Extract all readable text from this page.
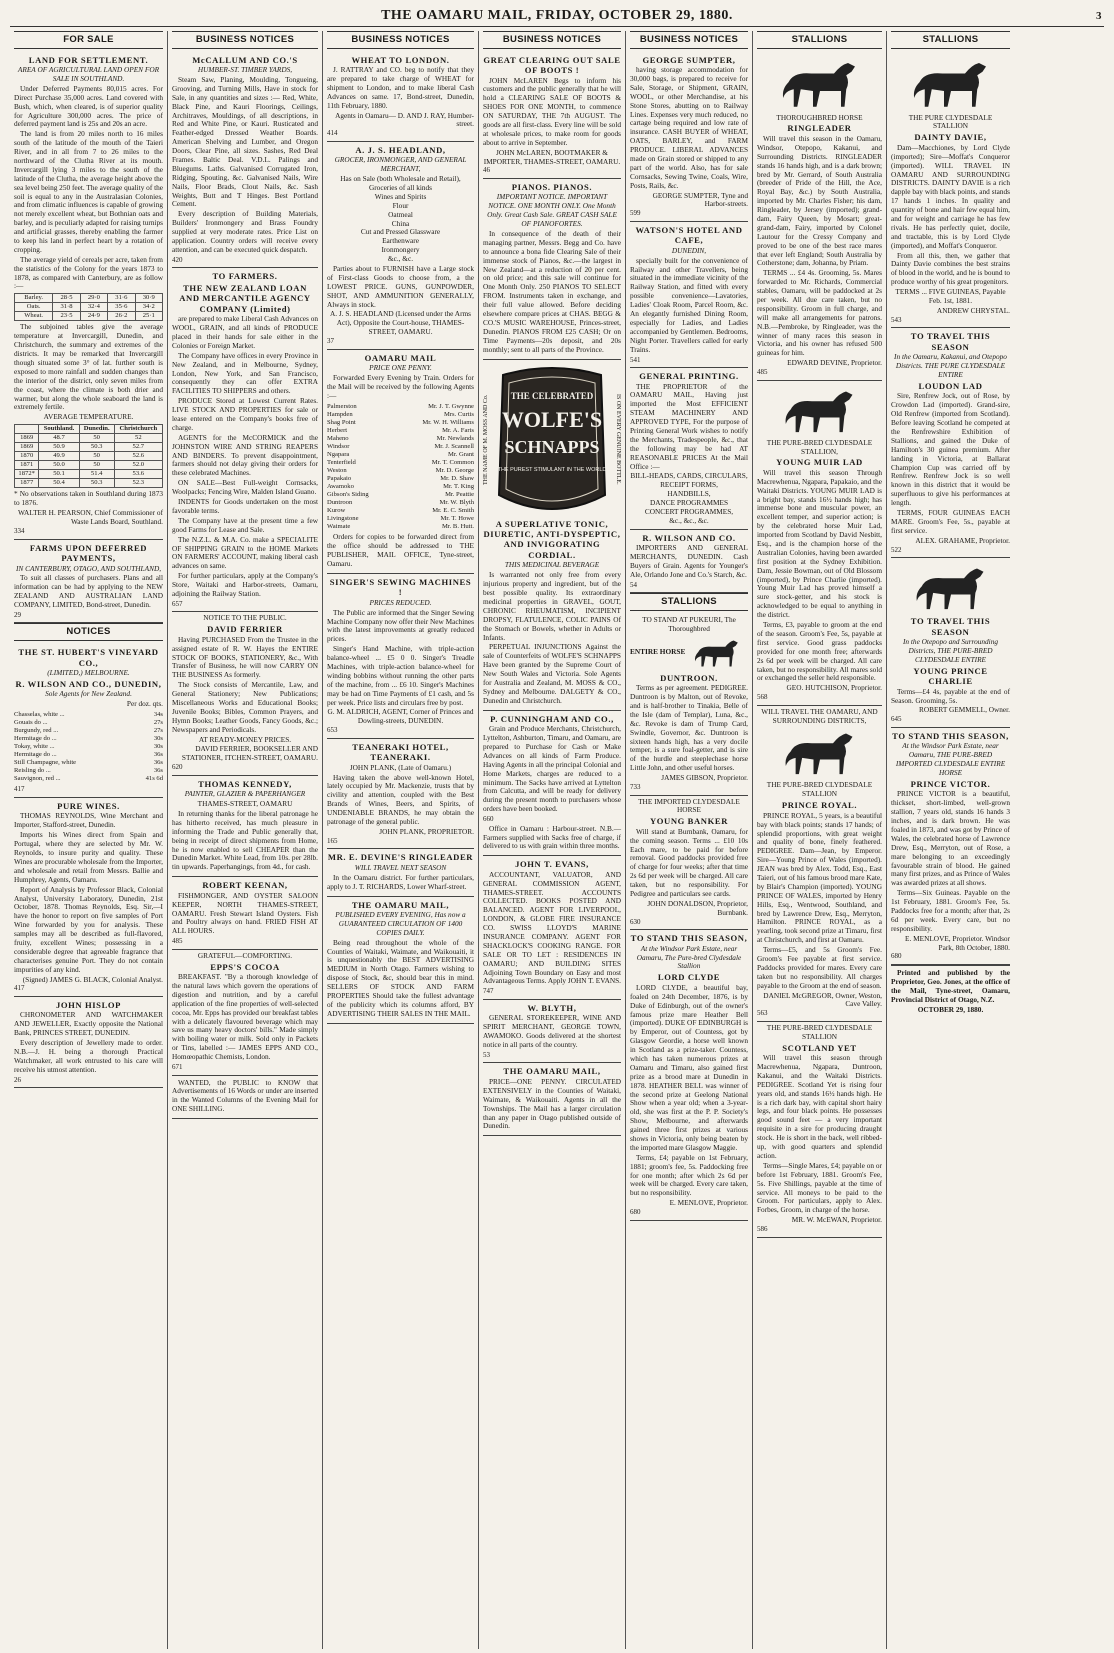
THE OAMARU MAIL, FRIDAY, OCTOBER 29, 1880.	3
FOR SALE
LAND FOR SETTLEMENT.
AREA OF AGRICULTURAL LAND OPEN FOR SALE IN SOUTHLAND.

Under Deferred Payments 80,015 acres. For Direct Purchase 35,000 acres. Land covered with Bush, which, when cleared, is of superior quality for Agriculture 300,000 acres. The price of deferred payment land is 25s and 20s an acre.

The land is from 20 miles north to 16 miles south of the latitude of the mouth of the Taieri River, and in all from 7 to 26 miles to the northward of the Clutha River at its mouth. Invercargill lying 3 miles to the south of the latitude of the Clutha, the average height above the sea level being 250 feet. The average quality of the soil is equal to any in the Australasian Colonies, and from climatic influences is capable of growing not merely excellent wheat, but Bothnian oats and barley, and is peculiarly adapted for raising turnips and artificial grasses, thereby enabling the farmer to keep his land in perfect heart by a rotation of cropping.

The average yield of cereals per acre, taken from the statistics of the Colony for the years 1873 to 1878, as compared with Canterbury, are as follow :—

Barley.	28·5	29·0	31·6	30·9
Oats.	31·8	32·4	35·6	34·2
Wheat.	23·5	24·9	26·2	25·1

The subjoined tables give the average temperature at Invercargill, Dunedin, and Christchurch, the summary and extremes of the districts. It may be remarked that Invercargill though situated some 3° of lat. further south is exposed to more rainfall and sudden changes than the interior of the district, only seven miles from the coast, where the climate is both drier and warmer, but along the whole seaboard the land is extremely fertile.

AVERAGE TEMPERATURE.
	Southland.	Dunedin.	Christchurch
1869	48.7	50	52
1869	50.9	50.3	52.7
1870	49.9	50	52.6
1871	50.0	50	52.0
1872*	50.1	51.4	53.6
1877	50.4	50.3	52.3
* No observations taken in Southland during 1873 to 1876.
WALTER H. PEARSON, Chief Commissioner of Waste Lands Board, Southland.
334
FARMS UPON DEFERRED PAYMENTS,
IN CANTERBURY, OTAGO, AND SOUTHLAND,

To suit all classes of purchasers. Plans and all information can be had by applying to the NEW ZEALAND AND AUSTRALIAN LAND COMPANY, LIMITED, Bond-street, Dunedin.

29
NOTICES
THE ST. HUBERT'S VINEYARD CO.,
(LIMITED,) MELBOURNE.
R. WILSON AND CO., DUNEDIN,
Sole Agents for New Zealand.
Per doz. qts.
Chasselas, white ...	34s
Gouais do ...	27s
Burgundy, red ...	27s
Hermitage do ...	30s
Tokay, white ...	30s
Hermitage do ...	36s
Still Champagne, white	36s
Reisling do ...	36s
Sauvignon, red ...	41s 6d
417
PURE WINES.

THOMAS REYNOLDS, Wine Merchant and Importer, Stafford-street, Dunedin.

Imports his Wines direct from Spain and Portugal, where they are selected by Mr. W. Reynolds, to insure purity and quality. These Wines are procurable wholesale from the Importer, and wholesale and retail from Messrs. Ballie and Humphrey, Agents, Oamaru.

Report of Analysis by Professor Black, Colonial Analyst, University Laboratory, Dunedin, 21st October, 1878. Thomas Reynolds, Esq. Sir,—I have the honor to report on five samples of Port Wine forwarded by you for analysis. These samples may all be described as full-flavored, fruity, excellent Wines; possessing in a considerable degree that agreeable fragrance that characterises genuine Port. They do not contain impurities of any kind.

(Signed) JAMES G. BLACK, Colonial Analyst.
417
JOHN HISLOP

CHRONOMETER AND WATCHMAKER AND JEWELLER, Exactly opposite the National Bank, PRINCES STREET, DUNEDIN.

Every description of Jewellery made to order. N.B.—J. H. being a thorough Practical Watchmaker, all work entrusted to his care will receive his utmost attention.

26
BUSINESS NOTICES
McCALLUM AND CO.'S
HUMBER-ST. TIMBER YARDS,

Steam Saw, Planing, Moulding, Tongueing, Grooving, and Turning Mills, Have in stock for Sale, in any quantities and sizes :— Red, White, Black Pine, and Kauri Floorings, Ceilings, Architraves, Mouldings, of all descriptions, in Red and White Pine, or Kauri. Rusticated and Feather-edged Dressed Weather Boards. American Shelving and Lumber, and Oregon Doors, Clear Pine, all sizes. Sashes, Red Deal Frames. Baltic Deal. V.D.L. Palings and Bluegums. Laths. Galvanised Corrugated Iron, Ridging, Spouting, &c. Galvanised Nails, Wire Nails, Floor Brads, Clout Nails, &c. Sash Weights, Butt and T Hinges. Best Portland Cement.

Every description of Building Materials, Builders' Ironmongery and Brass Foundry supplied at very moderate rates. Price List on application. Country orders will receive every attention, and can be executed quick despatch.

420
TO FARMERS.
THE NEW ZEALAND LOAN AND MERCANTILE AGENCY COMPANY (Limited)

are prepared to make Liberal Cash Advances on WOOL, GRAIN, and all kinds of PRODUCE placed in their hands for sale either in the Colonies or Foreign Market.

The Company have offices in every Province in New Zealand, and in Melbourne, Sydney, London, New York, and San Francisco, consequently they can offer EXTRA FACILITIES TO SHIPPERS and others.

PRODUCE Stored at Lowest Current Rates. LIVE STOCK AND PROPERTIES for sale or lease entered on the Company's books free of charge.

AGENTS for the McCORMICK and the JOHNSTON WIRE AND STRING REAPERS AND BINDERS. To prevent disappointment, farmers should not delay giving their orders for these celebrated Machines.

ON SALE—Best Full-weight Cornsacks, Woolpacks; Fencing Wire, Malden Island Guano.

INDENTS for Goods undertaken on the most favorable terms.

The Company have at the present time a few good Farms for Lease and Sale.

The N.Z.L. & M.A. Co. make a SPECIALITE OF SHIPPING GRAIN to the HOME Markets ON FARMERS' ACCOUNT, making liberal cash advances on same.

For further particulars, apply at the Company's Store, Waitaki and Harbor-streets, Oamaru, adjoining the Railway Station.

657
NOTICE TO THE PUBLIC.
DAVID FERRIER

Having PURCHASED From the Trustee in the assigned estate of R. W. Hayes the ENTIRE STOCK OF BOOKS, STATIONERY, &c., With Transfer of Business, he will now CARRY ON THE BUSINESS As formerly.

The Stock consists of Mercantile, Law, and General Stationery; New Publications; Miscellaneous Works and Educational Books; Juvenile Books; Bibles, Common Prayers, and Hymn Books; Leather Goods, Fancy Goods, &c.; Newspapers and Periodicals.

AT READY-MONEY PRICES.
DAVID FERRIER, BOOKSELLER AND STATIONER, ITCHEN-STREET, OAMARU.
620
THOMAS KENNEDY,
PAINTER, GLAZIER & PAPERHANGER
THAMES-STREET, OAMARU

In returning thanks for the liberal patronage he has hitherto received, has much pleasure in informing the Trade and Public generally that, being in receipt of direct shipments from Home, he is now enabled to sell CHEAPER than the Dunedin Market. White Lead, from 10s. per 28lb. tin upwards. Paperhangings, from 4d., for cash.

ROBERT KEENAN,

FISHMONGER, AND OYSTER SALOON KEEPER, NORTH THAMES-STREET, OAMARU. Fresh Stewart Island Oysters. Fish and Poultry always on hand. FRIED FISH AT ALL HOURS.

485
GRATEFUL—COMFORTING.
EPPS'S COCOA

BREAKFAST. "By a thorough knowledge of the natural laws which govern the operations of digestion and nutrition, and by a careful application of the fine properties of well-selected cocoa, Mr. Epps has provided our breakfast tables with a delicately flavoured beverage which may save us many heavy doctors' bills." Made simply with boiling water or milk. Sold only in Packets or Tins, labelled :— JAMES EPPS AND CO., Homœopathic Chemists, London.

671

WANTED, the PUBLIC to KNOW that Advertisements of 16 Words or under are inserted in the Wanted Columns of the Evening Mail for ONE SHILLING.

BUSINESS NOTICES
WHEAT TO LONDON.

J. RATTRAY and CO. beg to notify that they are prepared to take charge of WHEAT for shipment to London, and to make liberal Cash Advances on same. 17, Bond-street, Dunedin, 11th February, 1880.

Agents in Oamaru— D. AND J. RAY, Humber-street.
414
A. J. S. HEADLAND,
GROCER, IRONMONGER, AND GENERAL MERCHANT,
Has on Sale (both Wholesale and Retail), Groceries of all kinds
Wines and Spirits
Flour
Oatmeal
China
Cut and Pressed Glassware
Earthenware
Ironmongery
&c., &c.

Parties about to FURNISH have a Large stock of First-class Goods to choose from, a the LOWEST PRICE. GUNS, GUNPOWDER, SHOT, AND AMMUNITION GENERALLY, Always in stock.

A. J. S. HEADLAND (Licensed under the Arms Act), Opposite the Court-house, THAMES-STREET, OAMARU.
37
OAMARU MAIL
PRICE ONE PENNY.

Forwarded Every Evening by Train. Orders for the Mail will be received by the following Agents :—

Palmerston	Mr. J. T. Gwynne
Hampden	Mrs. Curtis
Shag Point	Mr. W. H. Williams
Herbert	Mr. A. Faris
Maheno	Mr. Newlands
Windsor	Mr. J. Scannell
Ngapara	Mr. Grant
Tenterfield	Mr. T. Common
Weston	Mr. D. George
Papakaio	Mr. D. Shaw
Awamoko	Mr. T. King
Gibson's Siding	Mr. Peattie
Duntroon	Mr. W. Blyth
Kurow	Mr. E. C. Smith
Livingstone	Mr. T. Howe
Waimate	Mr. B. Hutt.

Orders for copies to be forwarded direct from the office should be addressed to THE PUBLISHER, MAIL OFFICE, Tyne-street, Oamaru.

SINGER'S SEWING MACHINES !
PRICES REDUCED.

The Public are informed that the Singer Sewing Machine Company now offer their New Machines with the latest improvements at greatly reduced prices.

Singer's Hand Machine, with triple-action balance-wheel ... £5 0 0. Singer's Treadle Machines, with triple-action balance-wheel for winding bobbins without running the other parts of the machine, from ... £6 10. Singer's Machines may be had on Time Payments of £1 cash, and 5s per week. Price lists and circulars free by post.

G. M. ALDRICH, AGENT, Corner of Princes and Dowling-streets, DUNEDIN.
653
TEANERAKI HOTEL, TEANERAKI.
JOHN PLANK, (Late of Oamaru.)

Having taken the above well-known Hotel, lately occupied by Mr. Mackenzie, trusts that by civility and attention, coupled with the Best Brands of Wines, Beers, and Spirits, of UNDENIABLE BRANDS, he may obtain the patronage of the general public.

JOHN PLANK, PROPRIETOR.
165
MR. E. DEVINE'S RINGLEADER
WILL TRAVEL NEXT SEASON

In the Oamaru district. For further particulars, apply to J. T. RICHARDS, Lower Wharf-street.

THE OAMARU MAIL,
PUBLISHED EVERY EVENING, Has now a GUARANTEED CIRCULATION OF 1400 COPIES DAILY.

Being read throughout the whole of the Counties of Waitaki, Waimate, and Waikouaiti, it is unquestionably the BEST ADVERTISING MEDIUM in North Otago. Farmers wishing to dispose of Stock, &c, should bear this in mind. SELLERS OF STOCK AND FARM PROPERTIES Should take the fullest advantage of the publicity which its columns afford, BY ADVERTISING THEIR SALES IN THE MAIL.

BUSINESS NOTICES
GREAT CLEARING OUT SALE OF BOOTS !

JOHN McLAREN Begs to inform his customers and the public generally that he will hold a CLEARING SALE OF BOOTS & SHOES FOR ONE MONTH, to commence ON SATURDAY, THE 7th AUGUST. The goods are all first-class. Every line will be sold at wholesale prices, to make room for goods about to arrive in September.

JOHN McLAREN, BOOTMAKER & IMPORTER, THAMES-STREET, OAMARU.
46
PIANOS. PIANOS.
IMPORTANT NOTICE. IMPORTANT NOTICE. ONE MONTH ONLY. One Month Only. Great Cash Sale. GREAT CASH SALE OF PIANOFORTES.

In consequence of the death of their managing partner, Messrs. Begg and Co. have to announce a bona fide Clearing Sale of their immense stock of Pianos, &c.—the largest in New Zealand—at a reduction of 20 per cent. on old price; and this sale will continue for One Month Only. 250 PIANOS TO SELECT FROM. Instruments taken in exchange, and their full value allowed. Before deciding elsewhere compare prices at CHAS. BEGG & CO.'S MUSIC WAREHOUSE, Princes-street, Dunedin. PIANOS FROM £25 CASH; Or on Time Payments—20s deposit, and 20s monthly; sent to all parts of the Province.

THE NAME OF M. MOSS AND Co. THE CELEBRATED
WOLFE'S
SCHNAPPS
THE PUREST STIMULANT IN THE WORLD IS ON EVERY GENUINE BOTTLE.
A SUPERLATIVE TONIC, DIURETIC, ANTI-DYSPEPTIC, AND INVIGORATING CORDIAL.
THIS MEDICINAL BEVERAGE

Is warranted not only free from every injurious property and ingredient, but of the best possible quality. Its extraordinary medicinal properties in GRAVEL, GOUT, CHRONIC RHEUMATISM, INCIPIENT DROPSY, FLATULENCE, COLIC PAINS Of the Stomach or Bowels, whether in Adults or Infants.

PERPETUAL INJUNCTIONS Against the sale of Counterfeits of WOLFE'S SCHNAPPS Have been granted by the Supreme Court of New South Wales and Victoria. Sole Agents for Australia and Zealand, M. MOSS & CO., Sydney and Melbourne. DALGETY & CO., Dunedin and Christchurch.

P. CUNNINGHAM AND CO.,

Grain and Produce Merchants, Christchurch, Lyttelton, Ashburton, Timaru, and Oamaru, are prepared to Purchase for Cash or Make Advances on all kinds of Farm Produce. Having Agents in all the principal Colonial and Home Markets, charges are reduced to a minimum. The Sacks have arrived at Lyttelton from Calcutta, and will be ready for delivery during the present month to purchasers whose orders have been booked.

660

Office in Oamaru : Harbour-street. N.B.—Farmers supplied with Sacks free of charge, if delivered to us with grain within three months.

JOHN T. EVANS,

ACCOUNTANT, VALUATOR, AND GENERAL COMMISSION AGENT, THAMES-STREET. ACCOUNTS COLLECTED. BOOKS POSTED AND BALANCED. AGENT FOR LIVERPOOL, LONDON, & GLOBE FIRE INSURANCE CO. SWISS LLOYD'S MARINE INSURANCE COMPANY. AGENT FOR SHACKLOCK'S COOKING RANGE. FOR SALE OR TO LET : RESIDENCES IN OAMARU; AND BUILDING SITES Adjoining Town Boundary on Easy and most Advantageous Terms. Apply JOHN T. EVANS.

747
W. BLYTH,

GENERAL STOREKEEPER, WINE AND SPIRIT MERCHANT, GEORGE TOWN, AWAMOKO. Goods delivered at the shortest notice in all parts of the country.

53
THE OAMARU MAIL,

PRICE—ONE PENNY. CIRCULATED EXTENSIVELY in the Counties of Waitaki, Waimate, & Waikouaiti. Agents in all the Townships. The Mail has a larger circulation than any paper in Otago published outside of Dunedin.

BUSINESS NOTICES
GEORGE SUMPTER,

having storage accommodation for 30,000 bags, is prepared to receive for Sale, Storage, or Shipment, GRAIN, WOOL, or other Merchandise, at his Stone Stores, abutting on to Railway Lines. Expenses very much reduced, no cartage being required and low rate of insurance. CASH BUYER of WHEAT, OATS, BARLEY, and FARM PRODUCE. LIBERAL ADVANCES made on Grain stored or shipped to any part of the world. Also, has for sale Cornsacks, Sewing Twine, Coals, Wire, Posts, Rails, &c.

GEORGE SUMPTER, Tyne and Harbor-streets.
599
WATSON'S HOTEL AND CAFE,
DUNEDIN,

specially built for the convenience of Railway and other Travellers, being situated in the immediate vicinity of the Railway Station, and fitted with every possible convenience—Lavatories, Ladies' Cloak Room, Parcel Room, &c. An elegantly furnished Dining Room, especially for Ladies, and Ladies accompanied by Gentlemen. Bedrooms, Night Porter. Travellers called for early Trains.

541
GENERAL PRINTING.

THE PROPRIETOR of the OAMARU MAIL, Having just imported the Most EFFICIENT STEAM MACHINERY AND APPROVED TYPE, For the purpose of Printing General Work wishes to notify the Merchants, Tradespeople, &c., that the following may be had AT REASONABLE PRICES At the Mail Office :—

BILL-HEADS, CARDS, CIRCULARS,
RECEIPT FORMS,
HANDBILLS,
DANCE PROGRAMMES
CONCERT PROGRAMMES,
&c., &c., &c.
R. WILSON AND CO.

IMPORTERS AND GENERAL MERCHANTS, DUNEDIN. Cash Buyers of Grain. Agents for Younger's Ale, Orlando Jone and Co.'s Starch, &c.

54
STALLIONS
TO STAND AT PUKEURI, The Thoroughbred
ENTIRE HORSE
DUNTROON.

Terms as per agreement. PEDIGREE. Duntroon is by Malton, out of Revoke, and is half-brother to Tinakia, Belle of the Isle (dam of Templar), Luna, &c., &c. Revoke is dam of Trump Card, Swindle, Governor, &c. Duntroon is sixteen hands high, has a very docile temper, is a sure foal-getter, and is sire of the hurdle and steeplechase horse Little John, and other useful horses.

JAMES GIBSON, Proprietor.
733
THE IMPORTED CLYDESDALE HORSE
YOUNG BANKER

Will stand at Burnbank, Oamaru, for the coming season. Terms ... £10 10s Each mare, to be paid for before removal. Good paddocks provided free of charge for four weeks; after that time 2s 6d per week will be charged. All care taken, but no responsibility. For Pedigree and particulars see cards.

JOHN DONALDSON, Proprietor, Burnbank.
630
TO STAND THIS SEASON,
At the Windsor Park Estate, near Oamaru, The Pure-bred Clydesdale Stallion
LORD CLYDE

LORD CLYDE, a beautiful bay, foaled on 24th December, 1876, is by Duke of Edinburgh, out of the owner's famous prize mare Heather Bell (imported). DUKE OF EDINBURGH is by Emperor, out of Countess, got by Glasgow Geordie, a horse well known in Scotland as a prize-taker. Countess, which has taken numerous prizes at Oamaru and Timaru, also gained first prize as a brood mare at Dunedin in 1878. HEATHER BELL was winner of the second prize at Geelong National Show when a year old; when a 3-year-old, she was first at the P. P. Society's Show, Melbourne, and afterwards gained three first prizes at various shows in Victoria, only being beaten by the imported mare Glasgow Maggie.

Terms, £4; payable on 1st February, 1881; groom's fee, 5s. Paddocking free for one month; after which 2s 6d per week will be charged. Every care taken, but no responsibility.

E. MENLOVE, Proprietor.
680
STALLIONS
THOROUGHBRED HORSE
RINGLEADER

Will travel this season in the Oamaru, Windsor, Otepopo, Kakanui, and Surrounding Districts. RINGLEADER stands 16 hands high, and is a dark brown; bred by Mr. Gerrard, of South Australia (breeder of Pride of the Hill, the Ace, Royal Bay, &c.) by South Australia, imported by Mr. Charles Fisher; his dam, Ringleader, by Jersey (imported); grand-dam, Fairy Queen, by Mosart; great-grand-dam, Fairy, imported by Colonel Lautour for the Cressy Company and proved to be one of the best race mares that ever left England; South Australia by Cotherstone; dam, Johanna, by Priam.

TERMS ... £4 4s. Grooming, 5s. Mares forwarded to Mr. Richards, Commercial stables, Oamaru, will be paddocked at 2s per week. All due care taken, but no responsibility. Groom in full charge, and will make all arrangements for patrons. N.B.—Pembroke, by Ringleader, was the winner of many races this season in Victoria, and his owner has refused 500 guineas for him.

EDWARD DEVINE, Proprietor.
485
THE PURE-BRED CLYDESDALE STALLION,
YOUNG MUIR LAD

Will travel this season Through Macrewhenua, Ngapara, Papakaio, and the Waitaki Districts. YOUNG MUIR LAD is a bright bay, stands 16½ hands high; has immense bone and muscular power, an excellent temper, and superior action; is by the celebrated horse Muir Lad, imported from Scotland by David Nesbitt, Esq., and is the champion horse of the Australian Colonies, having been awarded first position at the Sydney Exhibition. Dam, Jessie Bowman, out of Old Blossom (imported), by Prince Charlie (imported). Young Muir Lad has proved himself a sure stock-getter, and his stock is acknowledged to be equal to anything in the district.

Terms, £3, payable to groom at the end of the season. Groom's Fee, 5s, payable at first service. Good grass paddocks provided for one month free; afterwards 2s 6d per week will be charged. All care taken, but no responsibility. All mares sold or exchanged the seller held responsible.

GEO. HUTCHISON, Proprietor.
568
WILL TRAVEL THE OAMARU, AND SURROUNDING DISTRICTS,
THE PURE-BRED CLYDESDALE STALLION
PRINCE ROYAL.

PRINCE ROYAL, 5 years, is a beautiful bay with black points; stands 17 hands; of splendid proportions, with great weight and quality of bone, finely feathered. PEDIGREE. Dam—Jean, by Emperor. Sire—Young Prince of Wales (imported). JEAN was bred by Alex. Todd, Esq., East Taieri, out of his famous brood mare Kate, by Blair's Champion (imported). YOUNG PRINCE OF WALES, imported by Henry Hills, Esq., Wentwood, Southland, and bred by Lawrence Drew, Esq., Merryton, Hamilton. PRINCE ROYAL, as a yearling, took second prize at Timaru, first at Christchurch, and first at Oamaru.

Terms—£5, and 5s Groom's Fee. Groom's Fee payable at first service. Paddocks provided for mares. Every care taken but no responsibility. All charges payable to the Groom at the end of season.

DANIEL McGREGOR, Owner, Weston, Cave Valley.
563
THE PURE-BRED CLYDESDALE STALLION
SCOTLAND YET

Will travel this season through Macrewhenua, Ngapara, Duntroon, Kakanui, and the Waitaki Districts. PEDIGREE. Scotland Yet is rising four years old, and stands 16½ hands high. He is a rich dark bay, with capital short hairy legs, and four black points. He possesses good sound feet — a very important requisite in a sire for producing draught stock. He is short in the back, well ribbed-up, with good quarters and splendid action.

Terms—Single Mares, £4; payable on or before 1st February, 1881. Groom's Fee, 5s. Five Shillings, payable at the time of service. All moneys to be paid to the Groom. For particulars, apply to Alex. Forbes, Groom, in charge of the horse.

MR. W. McEWAN, Proprietor.
586
STALLIONS
THE PURE CLYDESDALE STALLION
DAINTY DAVIE,

Dam—Macchiones, by Lord Clyde (imported); Sire—Moffat's Conqueror (imported). WILL TRAVEL IN OAMARU AND SURROUNDING DISTRICTS. DAINTY DAVIE is a rich dapple bay with black points, and stands 17 hands 1 inches. In quality and quantity of bone and hair few equal him, and for weight and carriage he has few rivals. He has perfectly quiet, docile, and tractable, this is by Lord Clyde (imported), and Moffat's Conqueror.

From all this, then, we gather that Dainty Davie combines the best strains of blood in the world, and he is bound to produce worthy of his great progenitors.

TERMS ... FIVE GUINEAS, Payable Feb. 1st, 1881.
ANDREW CHRYSTAL.
543
TO TRAVEL THIS SEASON
In the Oamaru, Kakanui, and Otepopo Districts. THE PURE CLYDESDALE ENTIRE
LOUDON LAD

Sire, Renfrew Jock, out of Rose, by Crowdon Lad (imported). Grand-sire, Old Renfrew (imported from Scotland). Before leaving Scotland he competed at the Renfrewshire Exhibition of Stallions, and gained the Duke of Hamilton's 30 guinea premium. After landing in Victoria, at Ballarat Champion Cup was carried off by Renfrew. Renfrew Jock is so well known in this district that it would be superfluous to give his performances at length.

TERMS, FOUR GUINEAS EACH MARE. Groom's Fee, 5s., payable at first service.

ALEX. GRAHAME, Proprietor.
522
TO TRAVEL THIS SEASON
In the Otepopo and Surrounding Districts, THE PURE-BRED CLYDESDALE ENTIRE
YOUNG PRINCE CHARLIE

Terms—£4 4s, payable at the end of Season. Grooming, 5s.

ROBERT GEMMELL, Owner.
645
TO STAND THIS SEASON,
At the Windsor Park Estate, near Oamaru, THE PURE-BRED IMPORTED CLYDESDALE ENTIRE HORSE
PRINCE VICTOR.

PRINCE VICTOR is a beautiful, thickset, short-limbed, well-grown stallion, 7 years old, stands 16 hands 3 inches, and is dark brown. He was foaled in 1873, and was got by Prince of Wales, the celebrated horse of Lawrence Drew, Esq., Merryton, out of Rose, a mare belonging to an exceedingly favourable strain of blood. He gained many first prizes, and as Prince of Wales was awarded prizes at all shows.

Terms—Six Guineas. Payable on the 1st February, 1881. Groom's Fee, 5s. Paddocks free for a month; after that, 2s 6d per week. Every care, but no responsibility.

E. MENLOVE, Proprietor. Windsor Park, 8th October, 1880.
680

Printed and published by the Proprietor, Geo. Jones, at the office of the Mail, Tyne-street, Oamaru, Provincial District of Otago, N.Z.

OCTOBER 29, 1880.
